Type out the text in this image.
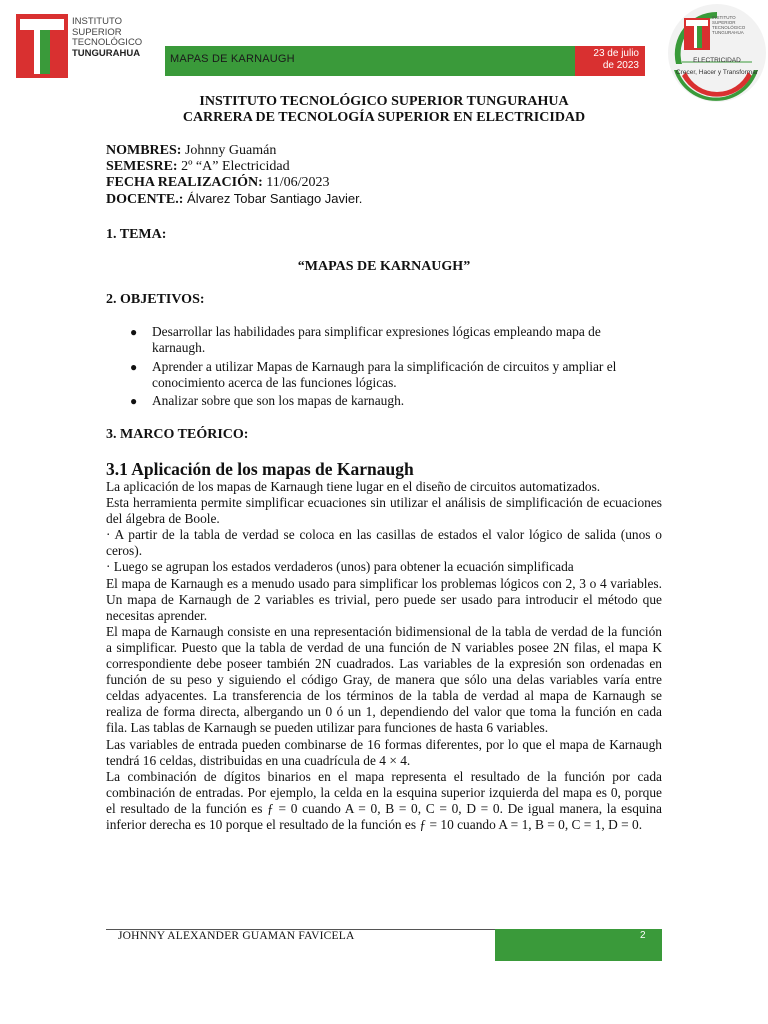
INSTITUTO
SUPERIOR
TECNOLÓGICO
TUNGURAHUA	MAPAS DE KARNAUGH	23 de julio
de 2023
INSTITUTO
SUPERIOR
TECNOLÓGICO
TUNGURAHUA
ELECTRICIDAD
Crecer, Hacer y Transformar
INSTITUTO TECNOLÓGICO SUPERIOR TUNGURAHUA
CARRERA DE TECNOLOGÍA SUPERIOR EN ELECTRICIDAD
NOMBRES: Johnny Guamán
SEMESRE: 2º “A” Electricidad
FECHA REALIZACIÓN: 11/06/2023
DOCENTE.: Álvarez Tobar Santiago Javier.
1. TEMA:
“MAPAS DE KARNAUGH”
2. OBJETIVOS:
● Desarrollar las habilidades para simplificar expresiones lógicas empleando mapa de karnaugh.
● Aprender a utilizar Mapas de Karnaugh para la simplificación de circuitos y ampliar el conocimiento acerca de las funciones lógicas.
● Analizar sobre que son los mapas de karnaugh.
3. MARCO TEÓRICO:
3.1 Aplicación de los mapas de Karnaugh

La aplicación de los mapas de Karnaugh tiene lugar en el diseño de circuitos automatizados.

Esta herramienta permite simplificar ecuaciones sin utilizar el análisis de simplificación de ecuaciones del álgebra de Boole.

· A partir de la tabla de verdad se coloca en las casillas de estados el valor lógico de salida (unos o ceros).

· Luego se agrupan los estados verdaderos (unos) para obtener la ecuación simplificada

El mapa de Karnaugh es a menudo usado para simplificar los problemas lógicos con 2, 3 o 4 variables. Un mapa de Karnaugh de 2 variables es trivial, pero puede ser usado para introducir el método que necesitas aprender.

El mapa de Karnaugh consiste en una representación bidimensional de la tabla de verdad de la función a simplificar. Puesto que la tabla de verdad de una función de N variables posee 2N filas, el mapa K correspondiente debe poseer también 2N cuadrados. Las variables de la expresión son ordenadas en función de su peso y siguiendo el código Gray, de manera que sólo una delas variables varía entre celdas adyacentes. La transferencia de los términos de la tabla de verdad al mapa de Karnaugh se realiza de forma directa, albergando un 0 ó un 1, dependiendo del valor que toma la función en cada fila. Las tablas de Karnaugh se pueden utilizar para funciones de hasta 6 variables.

Las variables de entrada pueden combinarse de 16 formas diferentes, por lo que el mapa de Karnaugh tendrá 16 celdas, distribuidas en una cuadrícula de 4 × 4.

La combinación de dígitos binarios en el mapa representa el resultado de la función por cada combinación de entradas. Por ejemplo, la celda en la esquina superior izquierda del mapa es 0, porque el resultado de la función es ƒ = 0 cuando A = 0, B = 0, C = 0, D = 0. De igual manera, la esquina inferior derecha es 10 porque el resultado de la función es ƒ = 10 cuando A = 1, B = 0, C = 1, D = 0.

JOHNNY ALEXANDER GUAMAN FAVICELA	2
